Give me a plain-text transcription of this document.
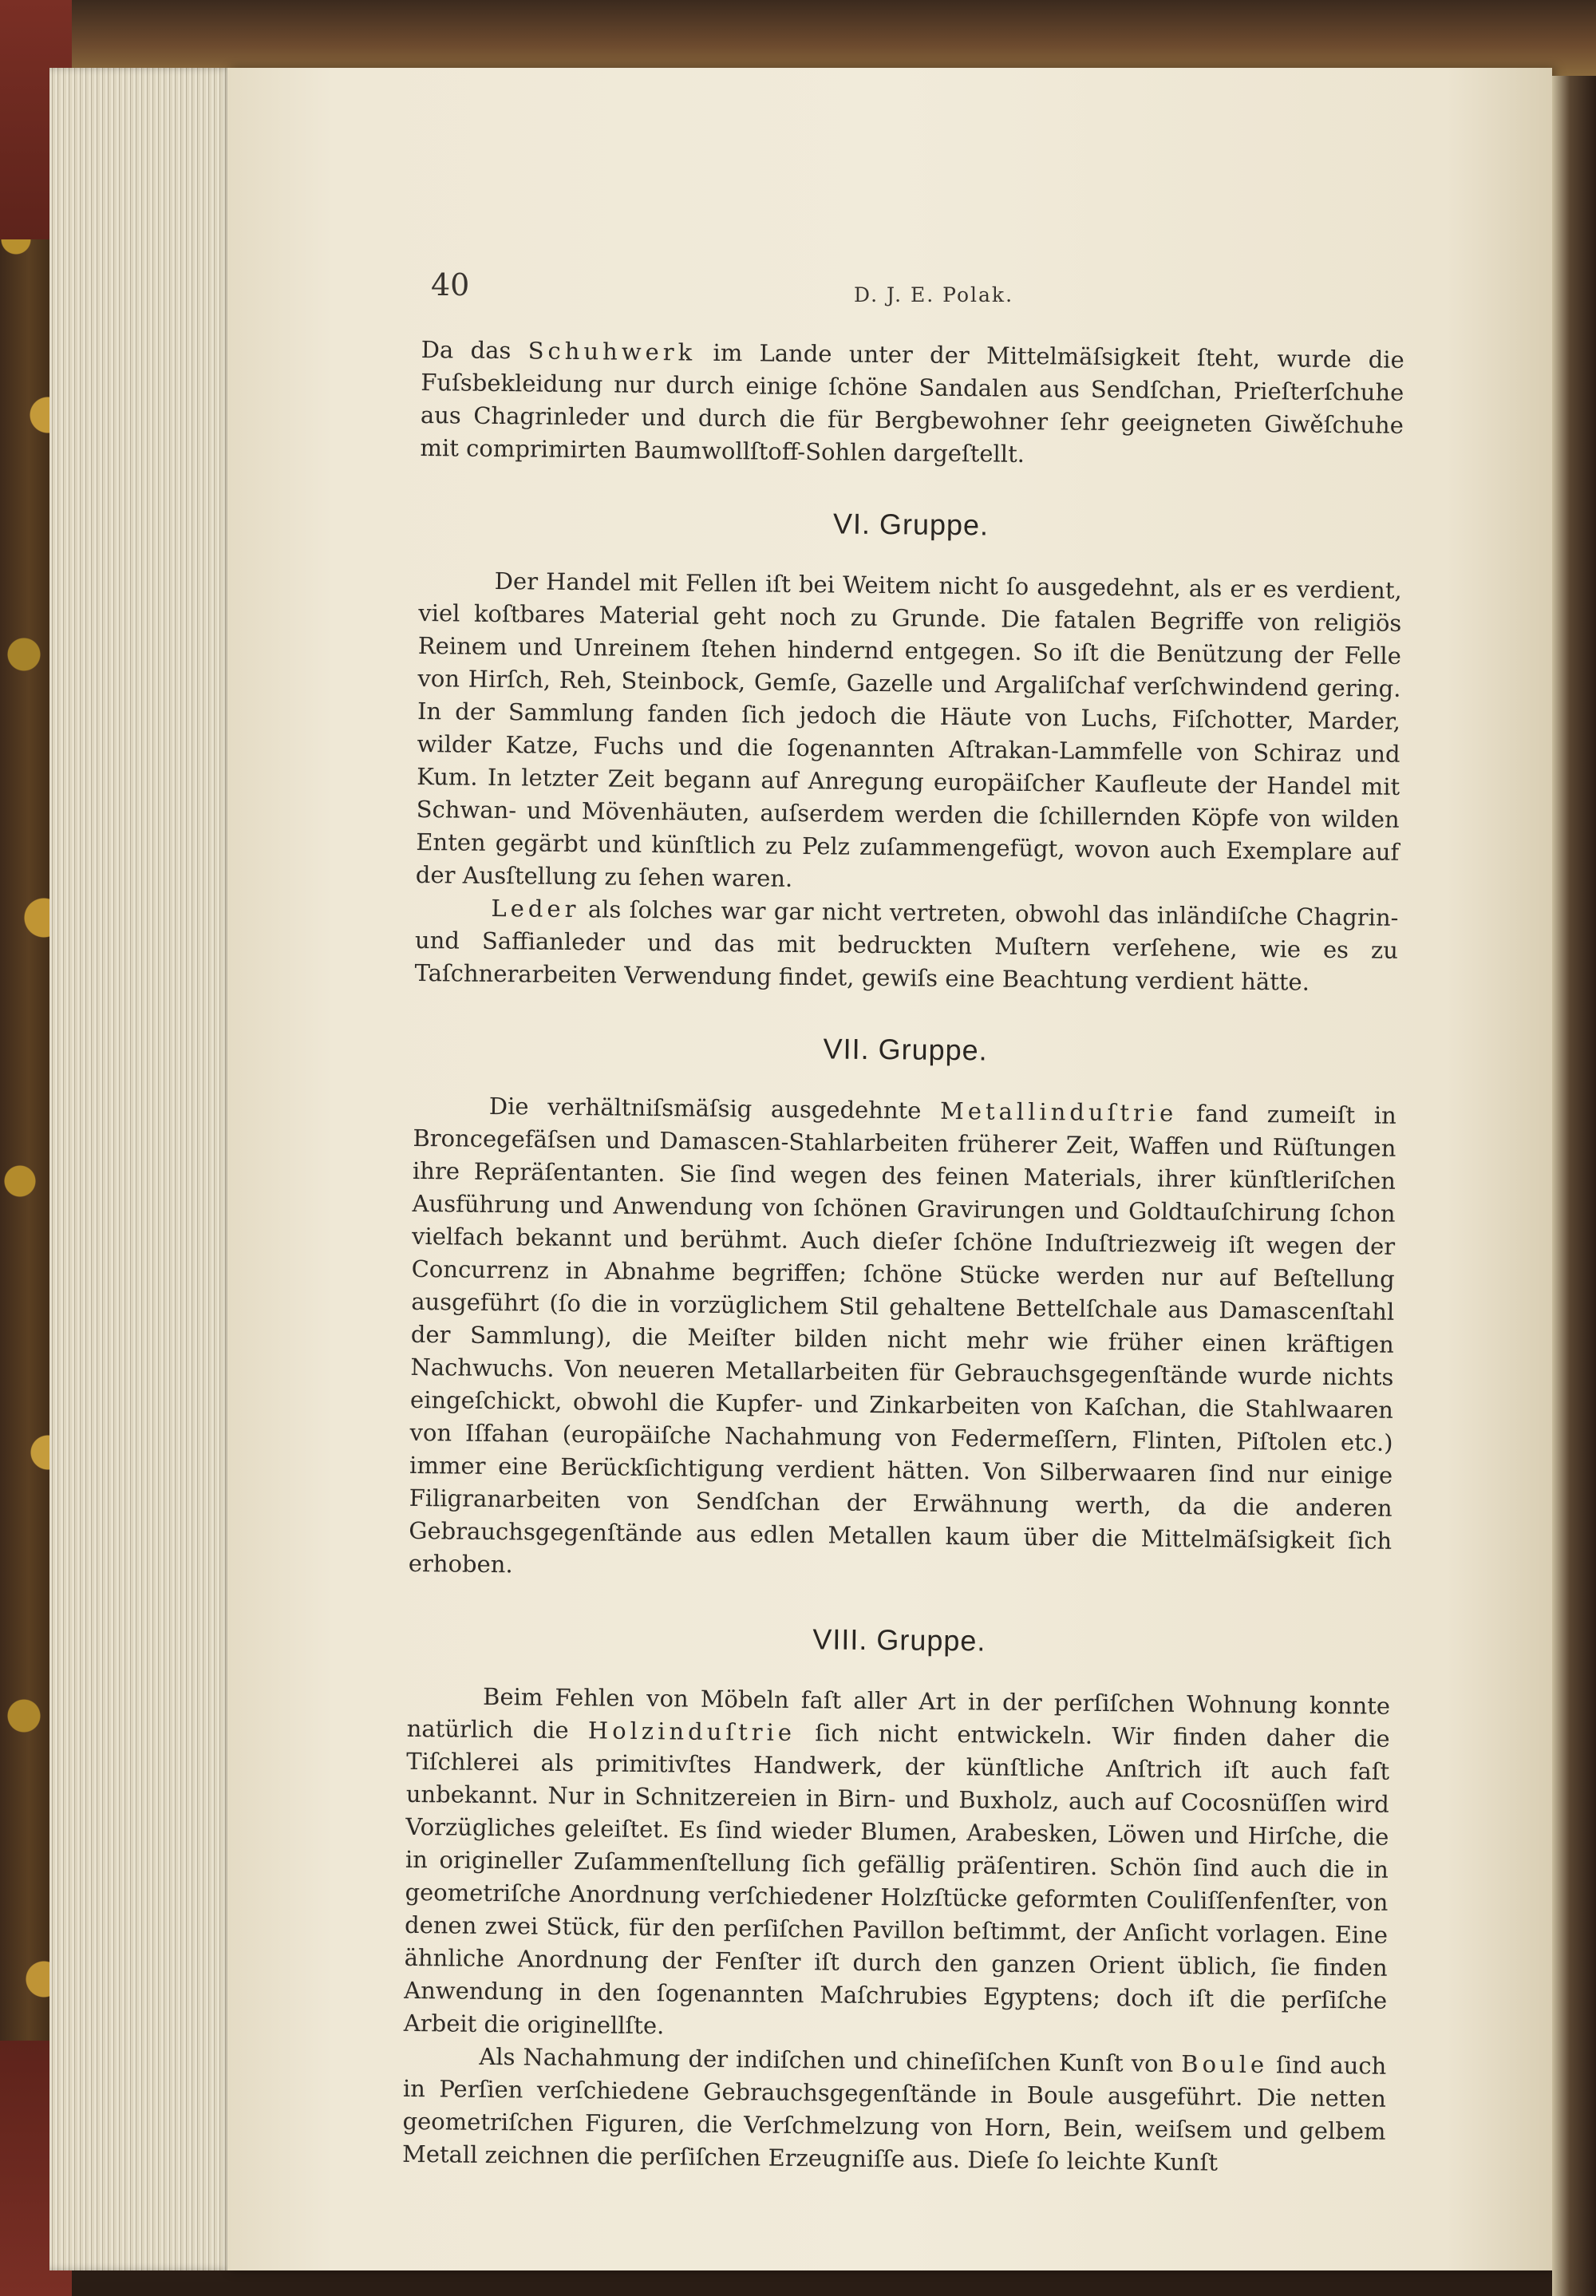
40	D. J. E. Polak.

Da das Schuhwerk im Lande unter der Mittelmäſsigkeit ſteht, wurde die Fuſsbekleidung nur durch einige ſchöne Sandalen aus Sendſchan, Prieſterſchuhe aus Chagrinleder und durch die für Bergbewohner ſehr geeigneten Giwěſchuhe mit comprimirten Baumwollſtoff-Sohlen dargeſtellt.

VI. Gruppe.

Der Handel mit Fellen iſt bei Weitem nicht ſo ausgedehnt, als er es verdient, viel koſtbares Material geht noch zu Grunde. Die fatalen Begriffe von religiös Reinem und Unreinem ſtehen hindernd entgegen. So iſt die Benützung der Felle von Hirſch, Reh, Steinbock, Gemſe, Gazelle und Argaliſchaf verſchwindend gering. In der Sammlung fanden ſich jedoch die Häute von Luchs, Fiſchotter, Marder, wilder Katze, Fuchs und die ſogenannten Aſtrakan-Lammfelle von Schiraz und Kum. In letzter Zeit begann auf Anregung europäiſcher Kaufleute der Handel mit Schwan- und Mövenhäuten, auſserdem werden die ſchillernden Köpfe von wilden Enten gegärbt und künſtlich zu Pelz zuſammengefügt, wovon auch Exemplare auf der Ausſtellung zu ſehen waren.

Leder als ſolches war gar nicht vertreten, obwohl das inländiſche Chagrin- und Saffianleder und das mit bedruckten Muſtern verſehene, wie es zu Taſchnerarbeiten Verwendung findet, gewiſs eine Beachtung verdient hätte.

VII. Gruppe.

Die verhältniſsmäſsig ausgedehnte Metallinduſtrie fand zumeiſt in Broncegefäſsen und Damascen-Stahlarbeiten früherer Zeit, Waffen und Rüſtungen ihre Repräſentanten. Sie ſind wegen des feinen Materials, ihrer künſtleriſchen Ausführung und Anwendung von ſchönen Gravirungen und Goldtauſchirung ſchon vielfach bekannt und berühmt. Auch dieſer ſchöne Induſtriezweig iſt wegen der Concurrenz in Abnahme begriffen; ſchöne Stücke werden nur auf Beſtellung ausgeführt (ſo die in vorzüglichem Stil gehaltene Bettelſchale aus Damascenſtahl der Sammlung), die Meiſter bilden nicht mehr wie früher einen kräftigen Nachwuchs. Von neueren Metallarbeiten für Gebrauchsgegenſtände wurde nichts eingeſchickt, obwohl die Kupfer- und Zinkarbeiten von Kaſchan, die Stahlwaaren von Iſfahan (europäiſche Nachahmung von Federmeſſern, Flinten, Piſtolen etc.) immer eine Berückſichtigung verdient hätten. Von Silberwaaren ſind nur einige Filigranarbeiten von Sendſchan der Erwähnung werth, da die anderen Gebrauchsgegenſtände aus edlen Metallen kaum über die Mittelmäſsigkeit ſich erhoben.

VIII. Gruppe.

Beim Fehlen von Möbeln faſt aller Art in der perſiſchen Wohnung konnte natürlich die Holzinduſtrie ſich nicht entwickeln. Wir finden daher die Tiſchlerei als primitivſtes Handwerk, der künſtliche Anſtrich iſt auch faſt unbekannt. Nur in Schnitzereien in Birn- und Buxholz, auch auf Cocosnüſſen wird Vorzügliches geleiſtet. Es ſind wieder Blumen, Arabesken, Löwen und Hirſche, die in origineller Zuſammenſtellung ſich gefällig präſentiren. Schön ſind auch die in geometriſche Anordnung verſchiedener Holzſtücke geformten Couliſſenfenſter, von denen zwei Stück, für den perſiſchen Pavillon beſtimmt, der Anſicht vorlagen. Eine ähnliche Anordnung der Fenſter iſt durch den ganzen Orient üblich, ſie finden Anwendung in den ſogenannten Maſchrubies Egyptens; doch iſt die perſiſche Arbeit die originellſte.

Als Nachahmung der indiſchen und chineſiſchen Kunſt von Boule ſind auch in Perſien verſchiedene Gebrauchsgegenſtände in Boule ausgeführt. Die netten geometriſchen Figuren, die Verſchmelzung von Horn, Bein, weiſsem und gelbem Metall zeichnen die perſiſchen Erzeugniſſe aus. Dieſe ſo leichte Kunſt
